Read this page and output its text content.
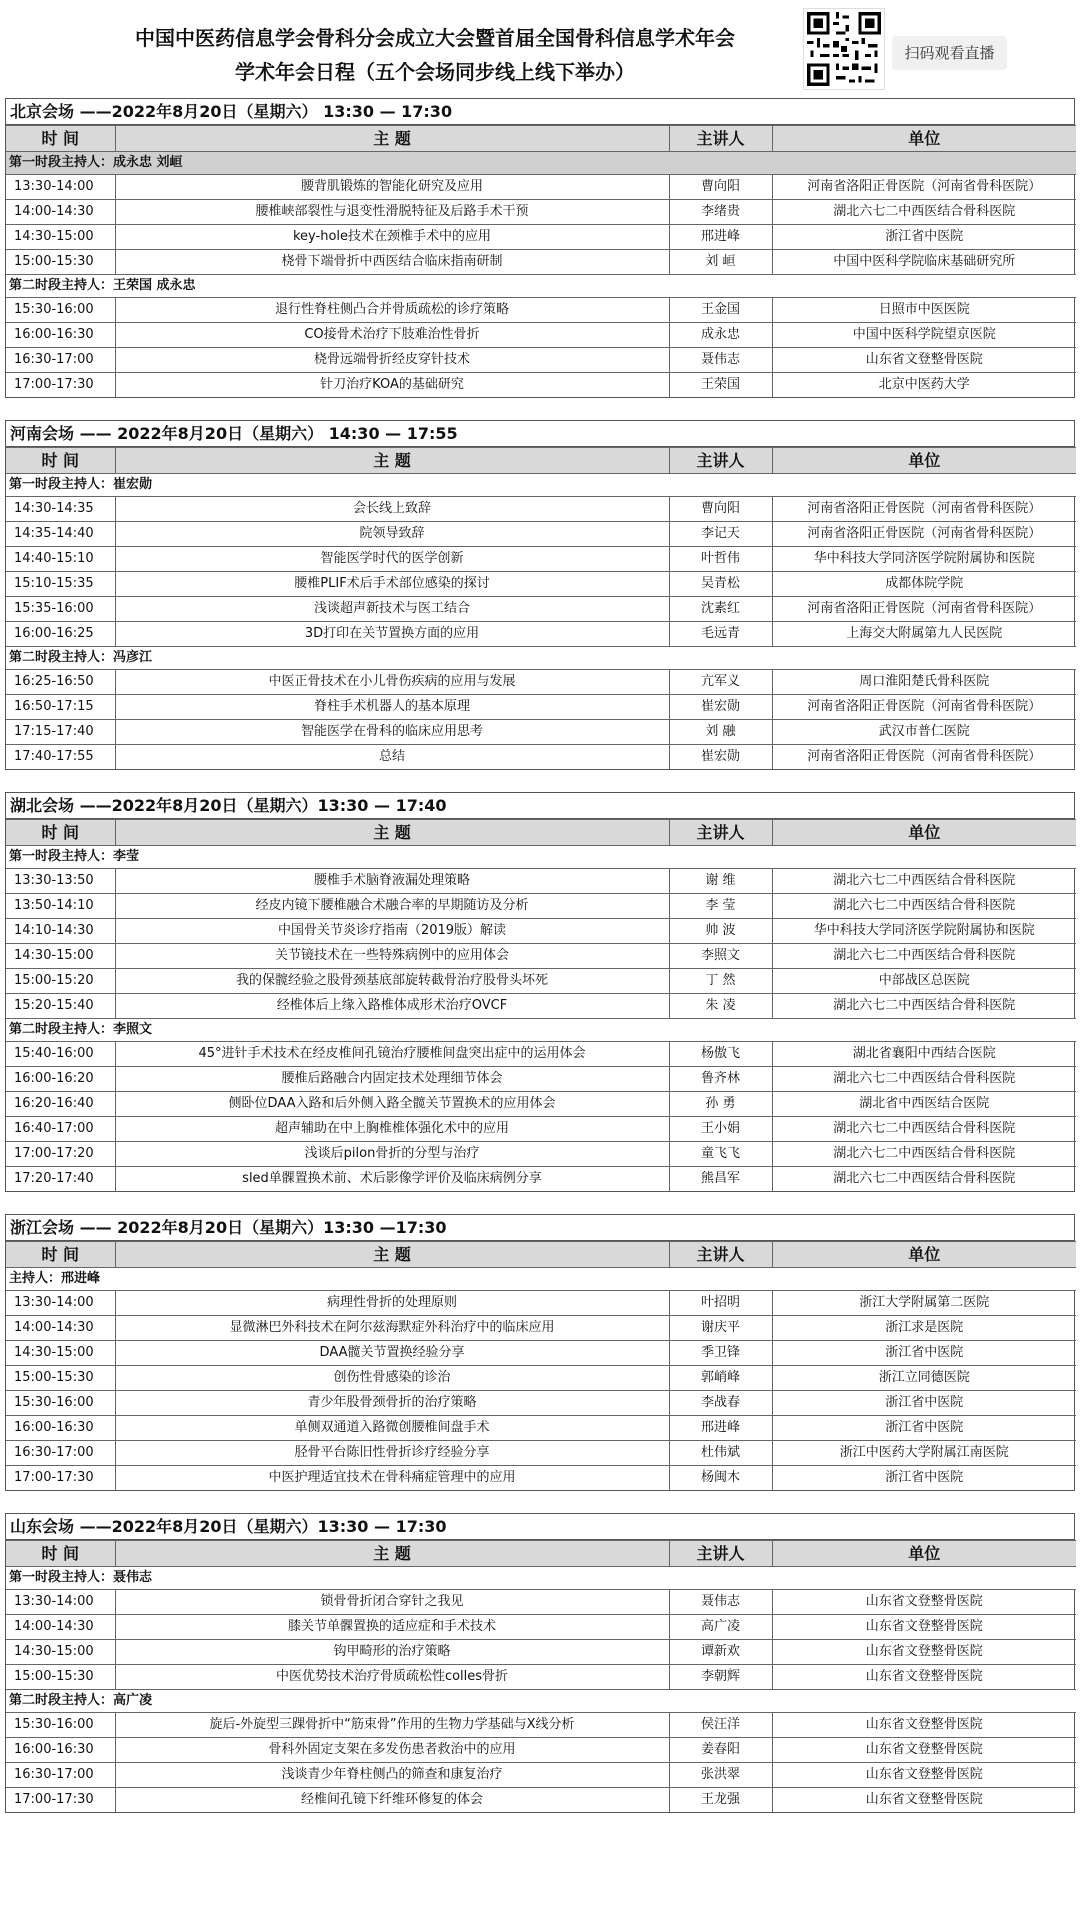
中国中医药信息学会骨科分会成立大会暨首届全国骨科信息学术年会
学术年会日程（五个会场同步线上线下举办）
扫码观看直播
北京会场 ——2022年8月20日（星期六） 13:30 — 17:30
时 间	主 题	主讲人	单位
第一时段主持人：成永忠 刘峘			
13:30-14:00	腰背肌锻炼的智能化研究及应用	曹向阳	河南省洛阳正骨医院（河南省骨科医院）
14:00-14:30	腰椎峡部裂性与退变性滑脱特征及后路手术干预	李绪贵	湖北六七二中西医结合骨科医院
14:30-15:00	key-hole技术在颈椎手术中的应用	邢进峰	浙江省中医院
15:00-15:30	桡骨下端骨折中西医结合临床指南研制	刘 峘	中国中医科学院临床基础研究所
第二时段主持人：王荣国 成永忠			
15:30-16:00	退行性脊柱侧凸合并骨质疏松的诊疗策略	王金国	日照市中医医院
16:00-16:30	CO接骨术治疗下肢难治性骨折	成永忠	中国中医科学院望京医院
16:30-17:00	桡骨远端骨折经皮穿针技术	聂伟志	山东省文登整骨医院
17:00-17:30	针刀治疗KOA的基础研究	王荣国	北京中医药大学
河南会场 —— 2022年8月20日（星期六） 14:30 — 17:55
时 间	主 题	主讲人	单位
第一时段主持人：崔宏勋			
14:30-14:35	会长线上致辞	曹向阳	河南省洛阳正骨医院（河南省骨科医院）
14:35-14:40	院领导致辞	李记天	河南省洛阳正骨医院（河南省骨科医院）
14:40-15:10	智能医学时代的医学创新	叶哲伟	华中科技大学同济医学院附属协和医院
15:10-15:35	腰椎PLIF术后手术部位感染的探讨	吴青松	成都体院学院
15:35-16:00	浅谈超声新技术与医工结合	沈素红	河南省洛阳正骨医院（河南省骨科医院）
16:00-16:25	3D打印在关节置换方面的应用	毛远青	上海交大附属第九人民医院
第二时段主持人：冯彦江			
16:25-16:50	中医正骨技术在小儿骨伤疾病的应用与发展	亢军义	周口淮阳楚氏骨科医院
16:50-17:15	脊柱手术机器人的基本原理	崔宏勋	河南省洛阳正骨医院（河南省骨科医院）
17:15-17:40	智能医学在骨科的临床应用思考	刘 融	武汉市普仁医院
17:40-17:55	总结	崔宏勋	河南省洛阳正骨医院（河南省骨科医院）
湖北会场 ——2022年8月20日（星期六）13:30 — 17:40
时 间	主 题	主讲人	单位
第一时段主持人：李莹			
13:30-13:50	腰椎手术脑脊液漏处理策略	谢 维	湖北六七二中西医结合骨科医院
13:50-14:10	经皮内镜下腰椎融合术融合率的早期随访及分析	李 莹	湖北六七二中西医结合骨科医院
14:10-14:30	中国骨关节炎诊疗指南（2019版）解读	帅 波	华中科技大学同济医学院附属协和医院
14:30-15:00	关节镜技术在一些特殊病例中的应用体会	李照文	湖北六七二中西医结合骨科医院
15:00-15:20	我的保髋经验之股骨颈基底部旋转截骨治疗股骨头坏死	丁 然	中部战区总医院
15:20-15:40	经椎体后上缘入路椎体成形术治疗OVCF	朱 凌	湖北六七二中西医结合骨科医院
第二时段主持人：李照文			
15:40-16:00	45°进针手术技术在经皮椎间孔镜治疗腰椎间盘突出症中的运用体会	杨傲飞	湖北省襄阳中西结合医院
16:00-16:20	腰椎后路融合内固定技术处理细节体会	鲁齐林	湖北六七二中西医结合骨科医院
16:20-16:40	侧卧位DAA入路和后外侧入路全髋关节置换术的应用体会	孙 勇	湖北省中西医结合医院
16:40-17:00	超声辅助在中上胸椎椎体强化术中的应用	王小娟	湖北六七二中西医结合骨科医院
17:00-17:20	浅谈后pilon骨折的分型与治疗	童飞飞	湖北六七二中西医结合骨科医院
17:20-17:40	sled单髁置换术前、术后影像学评价及临床病例分享	熊昌军	湖北六七二中西医结合骨科医院
浙江会场 —— 2022年8月20日（星期六）13:30 —17:30
时 间	主 题	主讲人	单位
主持人：邢进峰			
13:30-14:00	病理性骨折的处理原则	叶招明	浙江大学附属第二医院
14:00-14:30	显微淋巴外科技术在阿尔兹海默症外科治疗中的临床应用	谢庆平	浙江求是医院
14:30-15:00	DAA髋关节置换经验分享	季卫锋	浙江省中医院
15:00-15:30	创伤性骨感染的诊治	郭峭峰	浙江立同德医院
15:30-16:00	青少年股骨颈骨折的治疗策略	李战春	浙江省中医院
16:00-16:30	单侧双通道入路微创腰椎间盘手术	邢进峰	浙江省中医院
16:30-17:00	胫骨平台陈旧性骨折诊疗经验分享	杜伟斌	浙江中医药大学附属江南医院
17:00-17:30	中医护理适宜技术在骨科痛症管理中的应用	杨闽木	浙江省中医院
山东会场 ——2022年8月20日（星期六）13:30 — 17:30
时 间	主 题	主讲人	单位
第一时段主持人：聂伟志			
13:30-14:00	锁骨骨折闭合穿针之我见	聂伟志	山东省文登整骨医院
14:00-14:30	膝关节单髁置换的适应症和手术技术	高广凌	山东省文登整骨医院
14:30-15:00	钩甲畸形的治疗策略	谭新欢	山东省文登整骨医院
15:00-15:30	中医优势技术治疗骨质疏松性colles骨折	李朝辉	山东省文登整骨医院
第二时段主持人：高广凌			
15:30-16:00	旋后-外旋型三踝骨折中“筋束骨”作用的生物力学基础与X线分析	侯汪洋	山东省文登整骨医院
16:00-16:30	骨科外固定支架在多发伤患者救治中的应用	姜春阳	山东省文登整骨医院
16:30-17:00	浅谈青少年脊柱侧凸的筛查和康复治疗	张洪翠	山东省文登整骨医院
17:00-17:30	经椎间孔镜下纤维环修复的体会	王龙强	山东省文登整骨医院
